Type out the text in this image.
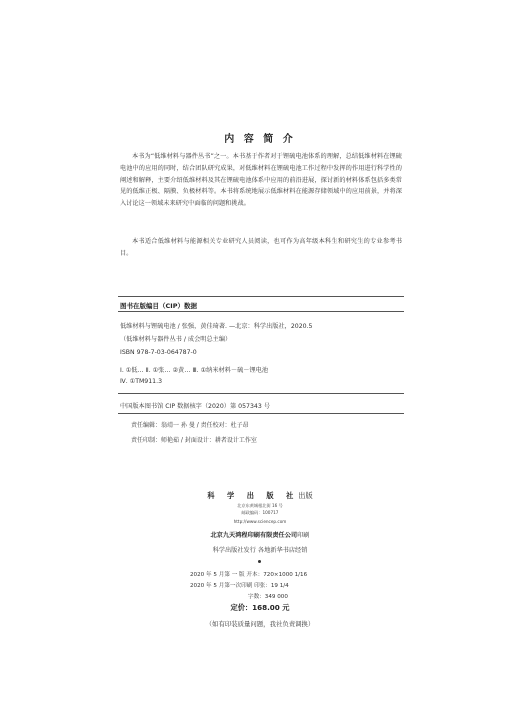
内 容 简 介

本书为“低维材料与器件丛书”之一。本书基于作者对于锂硫电池体系的理解，总结低维材料在锂硫电池中的应用的同时，结合团队研究成果，对低维材料在锂硫电池工作过程中发挥的作用进行科学性的阐述和解释，主要介绍低维材料及其在锂硫电池体系中应用的前沿进展，探讨新的材料体系包括多类常见的低维正极、隔膜、负极材料等。本书将系统地展示低维材料在能源存储领域中的应用前景，并将深入讨论这一领域未来研究中面临的问题和挑战。

本书适合低维材料与能源相关专业研究人员阅读，也可作为高年级本科生和研究生的专业参考书目。

图书在版编目（CIP）数据
低维材料与锂硫电池 / 张强，黄佳琦著. —北京：科学出版社，2020.5
（低维材料与器件丛书 / 成会明总主编）
ISBN 978-7-03-064787-0
Ⅰ. ①低… Ⅱ. ①张… ②黄… Ⅲ. ①纳米材料－硫－锂电池
Ⅳ. ①TM911.3
中国版本图书馆 CIP 数据核字（2020）第 057343 号
责任编辑：翁靖一 孙 曼 / 责任校对：杜子昂
责任印制：师艳茹 / 封面设计：耕者设计工作室
科 学 出 版 社出版
北京东黄城根北街 16 号
邮政编码：100717
http://www.sciencep.com
北京九天鸿程印刷有限责任公司印刷
科学出版社发行 各地新华书店经销
2020 年 5 月第 一 版 开本：720×1000 1/16
2020 年 5 月第一次印刷 印张：19 1/4
字数：349 000
定价：168.00 元
（如有印装质量问题，我社负责调换）
